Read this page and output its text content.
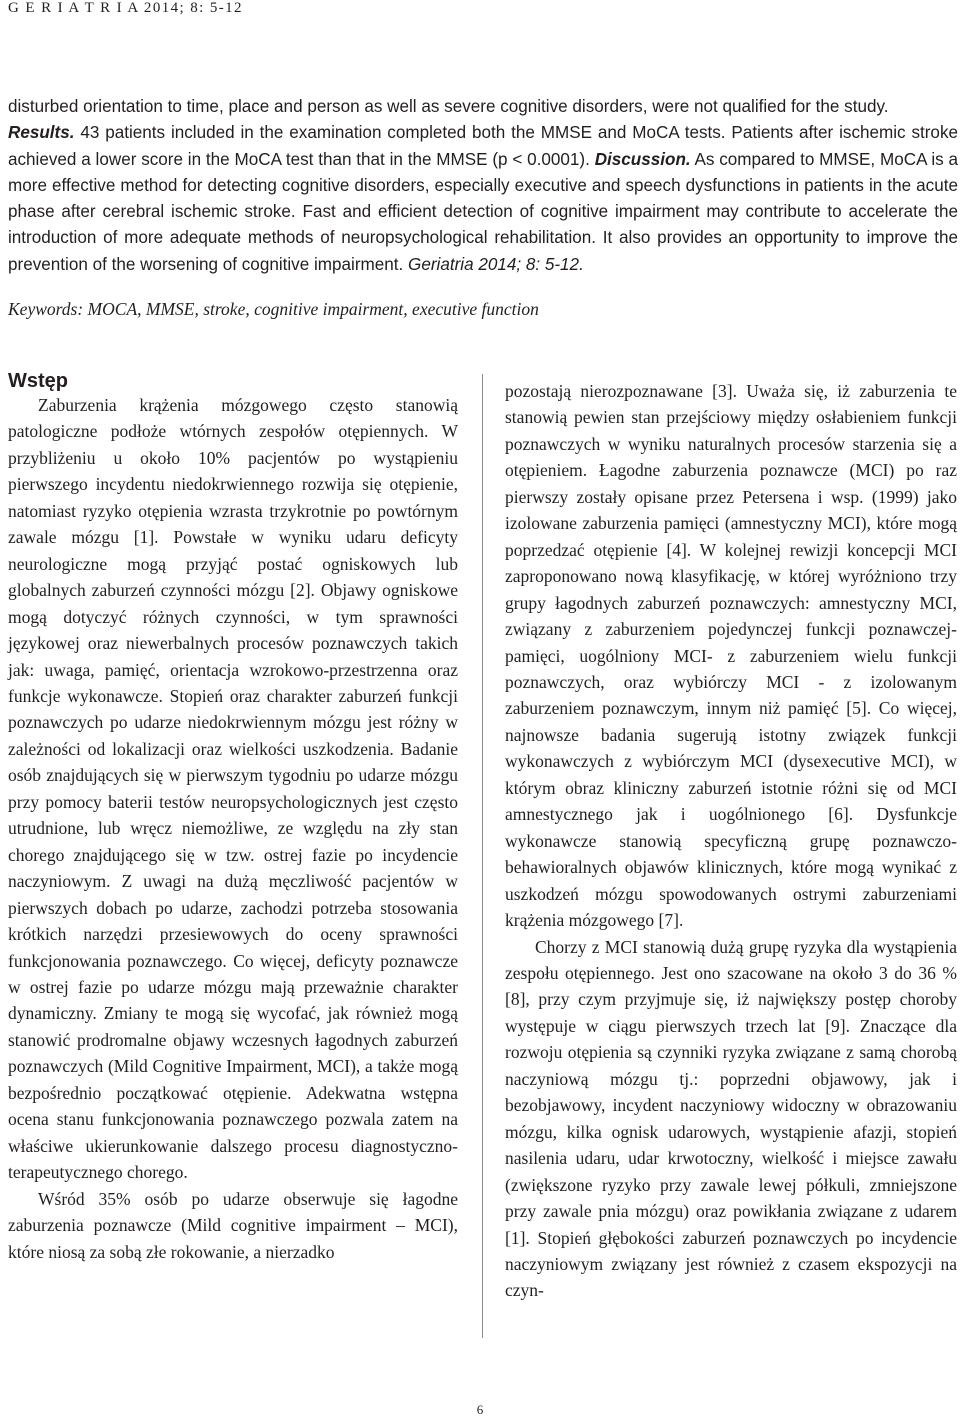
G E R I A T R I A 2014; 8: 5-12

disturbed orientation to time, place and person as well as severe cognitive disorders, were not qualified for the study.
Results. 43 patients included in the examination completed both the MMSE and MoCA tests. Patients after ischemic stroke achieved a lower score in the MoCA test than that in the MMSE (p < 0.0001). Discussion. As compared to MMSE, MoCA is a more effective method for detecting cognitive disorders, especially executive and speech dysfunctions in patients in the acute phase after cerebral ischemic stroke. Fast and efficient detection of cognitive impairment may contribute to accelerate the introduction of more adequate methods of neuropsychological rehabilitation. It also provides an opportunity to improve the prevention of the worsening of cognitive impairment. Geriatria 2014; 8: 5-12.

Keywords: MOCA, MMSE, stroke, cognitive impairment, executive function
Wstęp

Zaburzenia krążenia mózgowego często stanowią patologiczne podłoże wtórnych zespołów otępiennych. W przybliżeniu u około 10% pacjentów po wystąpieniu pierwszego incydentu niedokrwiennego rozwija się otępienie, natomiast ryzyko otępienia wzrasta trzykrotnie po powtórnym zawale mózgu [1]. Powstałe w wyniku udaru deficyty neurologiczne mogą przyjąć postać ogniskowych lub globalnych zaburzeń czynności mózgu [2]. Objawy ogniskowe mogą dotyczyć różnych czynności, w tym sprawności językowej oraz niewerbalnych procesów poznawczych takich jak: uwaga, pamięć, orientacja wzrokowo-przestrzenna oraz funkcje wykonawcze. Stopień oraz charakter zaburzeń funkcji poznawczych po udarze niedokrwiennym mózgu jest różny w zależności od lokalizacji oraz wielkości uszkodzenia. Badanie osób znajdujących się w pierwszym tygodniu po udarze mózgu przy pomocy baterii testów neuropsychologicznych jest często utrudnione, lub wręcz niemożliwe, ze względu na zły stan chorego znajdującego się w tzw. ostrej fazie po incydencie naczyniowym. Z uwagi na dużą męczliwość pacjentów w pierwszych dobach po udarze, zachodzi potrzeba stosowania krótkich narzędzi przesiewowych do oceny sprawności funkcjonowania poznawczego. Co więcej, deficyty poznawcze w ostrej fazie po udarze mózgu mają przeważnie charakter dynamiczny. Zmiany te mogą się wycofać, jak również mogą stanowić prodromalne objawy wczesnych łagodnych zaburzeń poznawczych (Mild Cognitive Impairment, MCI), a także mogą bezpośrednio początkować otępienie. Adekwatna wstępna ocena stanu funkcjonowania poznawczego pozwala zatem na właściwe ukierunkowanie dalszego procesu diagnostyczno-terapeutycznego chorego.

Wśród 35% osób po udarze obserwuje się łagodne zaburzenia poznawcze (Mild cognitive impairment – MCI), które niosą za sobą złe rokowanie, a nierzadko

pozostają nierozpoznawane [3]. Uważa się, iż zaburzenia te stanowią pewien stan przejściowy między osłabieniem funkcji poznawczych w wyniku naturalnych procesów starzenia się a otępieniem. Łagodne zaburzenia poznawcze (MCI) po raz pierwszy zostały opisane przez Petersena i wsp. (1999) jako izolowane zaburzenia pamięci (amnestyczny MCI), które mogą poprzedzać otępienie [4]. W kolejnej rewizji koncepcji MCI zaproponowano nową klasyfikację, w której wyróżniono trzy grupy łagodnych zaburzeń poznawczych: amnestyczny MCI, związany z zaburzeniem pojedynczej funkcji poznawczej- pamięci, uogólniony MCI- z zaburzeniem wielu funkcji poznawczych, oraz wybiórczy MCI - z izolowanym zaburzeniem poznawczym, innym niż pamięć [5]. Co więcej, najnowsze badania sugerują istotny związek funkcji wykonawczych z wybiórczym MCI (dysexecutive MCI), w którym obraz kliniczny zaburzeń istotnie różni się od MCI amnestycznego jak i uogólnionego [6]. Dysfunkcje wykonawcze stanowią specyficzną grupę poznawczo-behawioralnych objawów klinicznych, które mogą wynikać z uszkodzeń mózgu spowodowanych ostrymi zaburzeniami krążenia mózgowego [7].

Chorzy z MCI stanowią dużą grupę ryzyka dla wystąpienia zespołu otępiennego. Jest ono szacowane na około 3 do 36 % [8], przy czym przyjmuje się, iż największy postęp choroby występuje w ciągu pierwszych trzech lat [9]. Znaczące dla rozwoju otępienia są czynniki ryzyka związane z samą chorobą naczyniową mózgu tj.: poprzedni objawowy, jak i bezobjawowy, incydent naczyniowy widoczny w obrazowaniu mózgu, kilka ognisk udarowych, wystąpienie afazji, stopień nasilenia udaru, udar krwotoczny, wielkość i miejsce zawału (zwiększone ryzyko przy zawale lewej półkuli, zmniejszone przy zawale pnia mózgu) oraz powikłania związane z udarem [1]. Stopień głębokości zaburzeń poznawczych po incydencie naczyniowym związany jest również z czasem ekspozycji na czyn-

6
